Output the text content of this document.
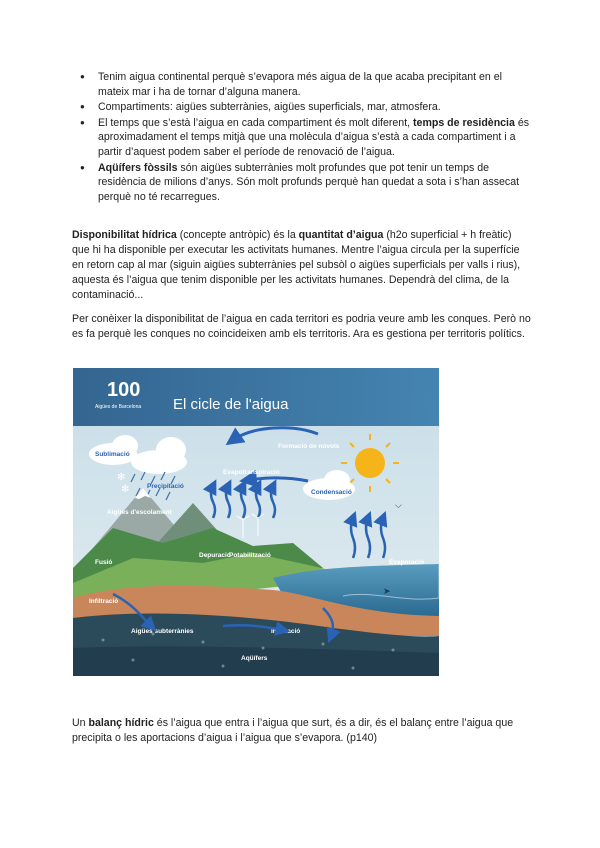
● Tenim aigua continental perquè s’evapora més aigua de la que acaba precipitant en el mateix mar i ha de tornar d’alguna manera.
● Compartiments: aigües subterrànies, aigües superficials, mar, atmosfera.
● El temps que s’està l’aigua en cada compartiment és molt diferent, temps de residència és aproximadament el temps mitjà que una molècula d’aigua s’està a cada compartiment i a partir d’aquest podem saber el període de renovació de l’aigua.
● Aqüífers fòssils són aigües subterrànies molt profundes que pot tenir un temps de residència de milions d’anys. Són molt profunds perquè han quedat a sota i s’han assecat perquè no té recarregues.

Disponibilitat hídrica (concepte antròpic) és la quantitat d’aigua (h2o superficial + h freàtic) que hi ha disponible per executar les activitats humanes. Mentre l’aigua circula per la superfície en retorn cap al mar (siguin aigües subterrànies pel subsòl o aigües superficials per valls i rius), aquesta és l’aigua que tenim disponible per les activitats humanes. Dependrà del clima, de la contaminació...

Per conèixer la disponibilitat de l’aigua en cada territori es podria veure amb les conques. Però no es fa perquè les conques no coincideixen amb els territoris. Ara es gestiona per territoris polítics.

100
Aigües de Barcelona El cicle de l'aigua
✻
✻
Formació de núvols
Evapotranspiració
Condensació
Sublimació
Precipitació
Aigües d'escolament
Fusió
Depuració
Potabilització
Evaporació
Infiltració
Aigües subterrànies	Infiltració
Aqüífers
➤
⌵

Un balanç hídric és l’aigua que entra i l’aigua que surt, és a dir, és el balanç entre l’aigua que precipita o les aportacions d’aigua i l’aigua que s’evapora. (p140)
